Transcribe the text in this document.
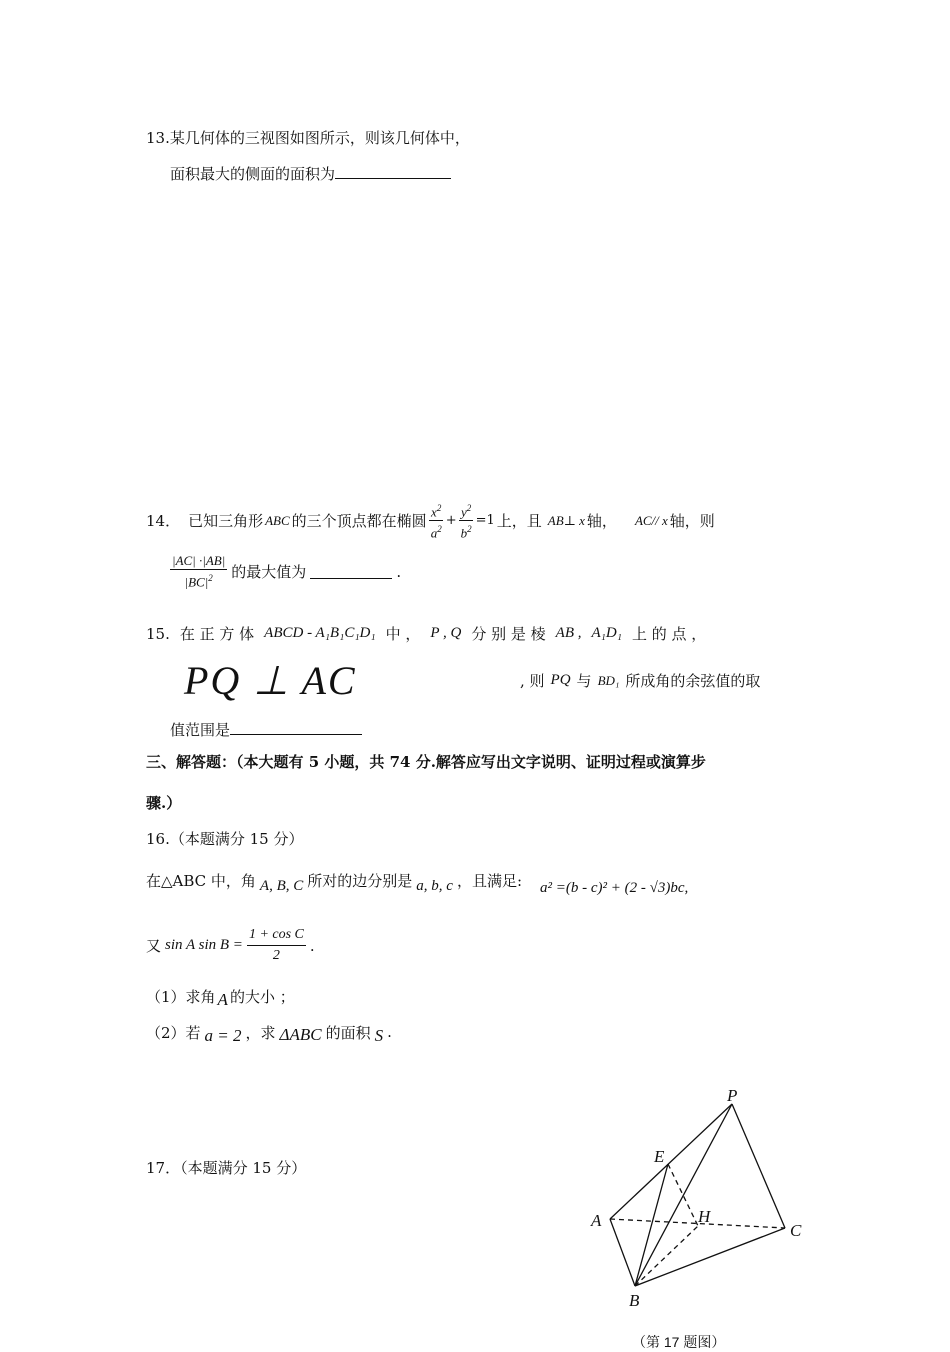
13.某几何体的三视图如图所示，则该几何体中，
面积最大的侧面的面积为
14． 已知三角形 ABC 的三个顶点都在椭圆 $\frac{x^2}{a^2} + \frac{y^2}{b^2} =1$ 上，且 AB⊥ x 轴， AC// x 轴，则
$\frac{|AC| \cdot|AB|}{|BC|^2}$ 的最大值为	.
15. 在 正 方 体 ABCD - A₁B₁C₁D₁ 中 ， P , Q 分 别 是 棱 AB , A₁D₁ 上 的 点 ，
PQ ⊥ AC	, 则 PQ 与 BD₁ 所成角的余弦值的取
值范围是
三、解答题：（本大题有 5 小题，共 74 分.解答应写出文字说明、证明过程或演算步
骤.）
16.（本题满分 15 分）
在△ABC 中，角 A, B, C 所对的边分别是 a, b, c ，且满足: a² =(b - c)² + (2 - √3)bc,
又 sin A $\sin B = \frac{\text{1 + cos C}}{2}$ .
（1）求角 A 的大小 ；
（2）若 a = 2 ，求 ΔABC 的面积 S .
17．（本题满分 15 分）
P
E
A	H
C
B
（第 17 题图）
